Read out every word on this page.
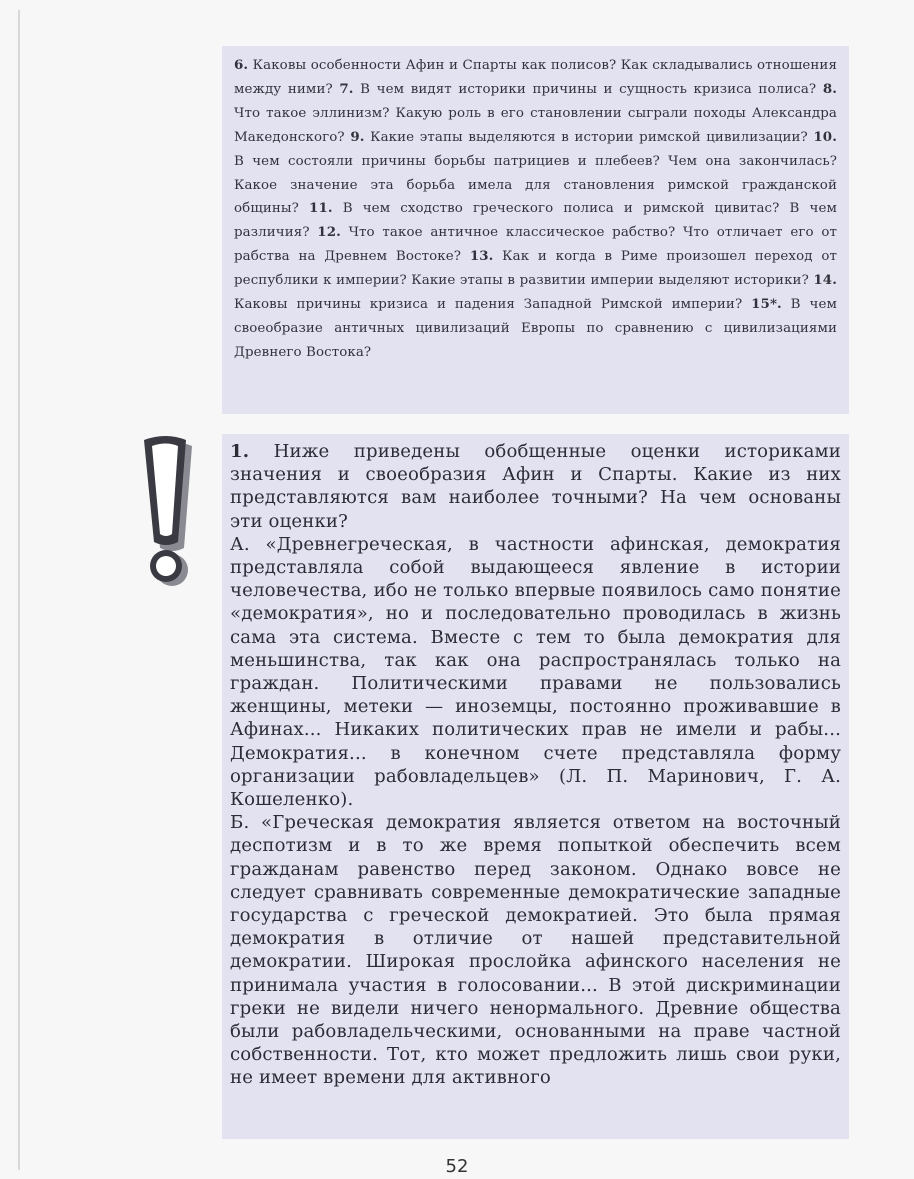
6. Каковы особенности Афин и Спарты как полисов? Как складывались отношения между ними? 7. В чем видят историки причины и сущность кризиса полиса? 8. Что такое эллинизм? Какую роль в его становлении сыграли походы Александра Македонского? 9. Какие этапы выделяются в истории римской цивилизации? 10. В чем состояли причины борьбы патрициев и плебеев? Чем она закончилась? Какое значение эта борьба имела для становления римской гражданской общины? 11. В чем сходство греческого полиса и римской цивитас? В чем различия? 12. Что такое античное классическое рабство? Что отличает его от рабства на Древнем Востоке? 13. Как и когда в Риме произошел переход от республики к империи? Какие этапы в развитии империи выделяют историки? 14. Каковы причины кризиса и падения Западной Римской империи? 15*. В чем своеобразие античных цивилизаций Европы по сравнению с цивилизациями Древнего Востока?

1. Ниже приведены обобщенные оценки историками значения и своеобразия Афин и Спарты. Какие из них представляются вам наиболее точными? На чем основаны эти оценки?

А. «Древнегреческая, в частности афинская, демократия представляла собой выдающееся явление в истории человечества, ибо не только впервые появилось само понятие «демократия», но и последовательно проводилась в жизнь сама эта система. Вместе с тем то была демократия для меньшинства, так как она распространялась только на граждан. Политическими правами не пользовались женщины, метеки — иноземцы, постоянно проживавшие в Афинах... Никаких политических прав не имели и рабы... Демократия... в конечном счете представляла форму организации рабовладельцев» (Л. П. Маринович, Г. А. Кошеленко).

Б. «Греческая демократия является ответом на восточный деспотизм и в то же время попыткой обеспечить всем гражданам равенство перед законом. Однако вовсе не следует сравнивать современные демократические западные государства с греческой демократией. Это была прямая демократия в отличие от нашей представительной демократии. Широкая прослойка афинского населения не принимала участия в голосовании... В этой дискриминации греки не видели ничего ненормального. Древние общества были рабовладельческими, основанными на праве частной собственности. Тот, кто может предложить лишь свои руки, не имеет времени для активного

52
